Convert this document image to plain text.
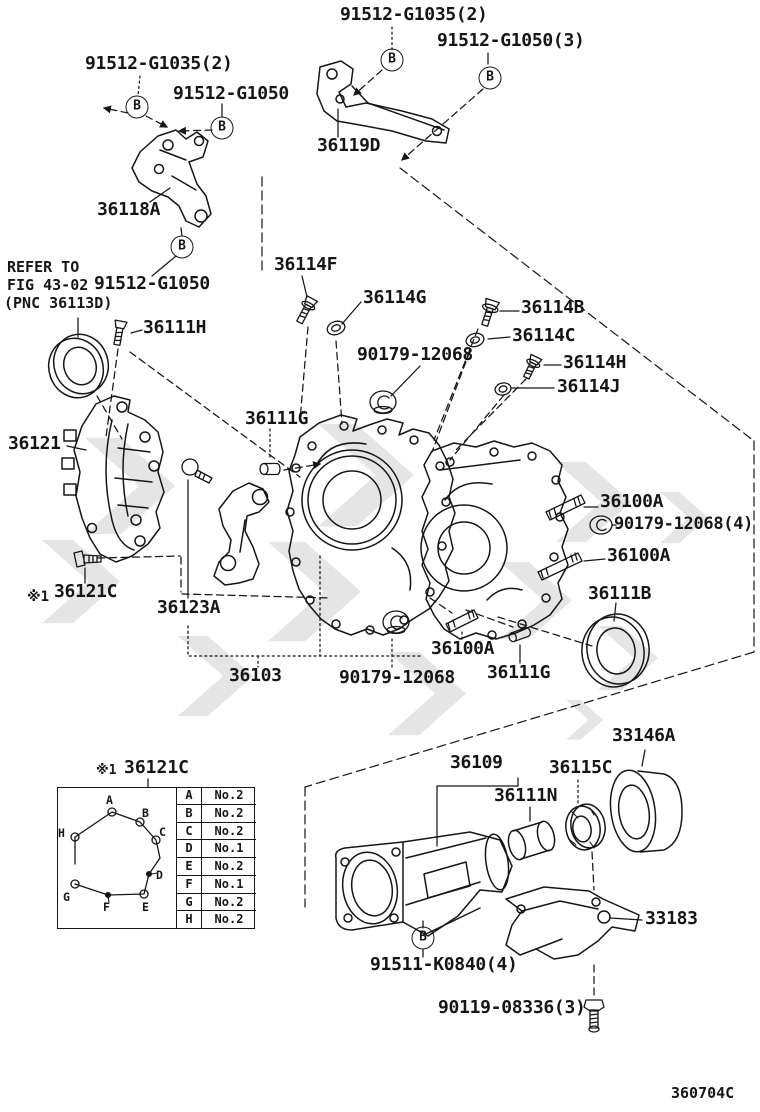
REFER TO
FIG 43-02
(PNC 36113D)
※1
※1 36121C
A	No.2
B	No.2
C	No.2
D	No.1
E	No.2
F	No.1
G	No.2
H	No.2
A
B
C
D
E
F
G
H
91512-G1035(2)
91512-G1050(3)
91512-G1035(2)
91512-G1050
36118A
36119D
91512-G1050
36111H
36121
36114F
36114G
90179-12068
36114B
36114C
36114H
36114J
36111G
36121C
36123A
36103	90179-12068
36100A
36111G
36100A
90179-12068(4)
36100A
36111B
33146A
36109	36115C
36111N
33183
91511-K0840(4)
90119-08336(3)
B
B
B
B
B
B
360704C
